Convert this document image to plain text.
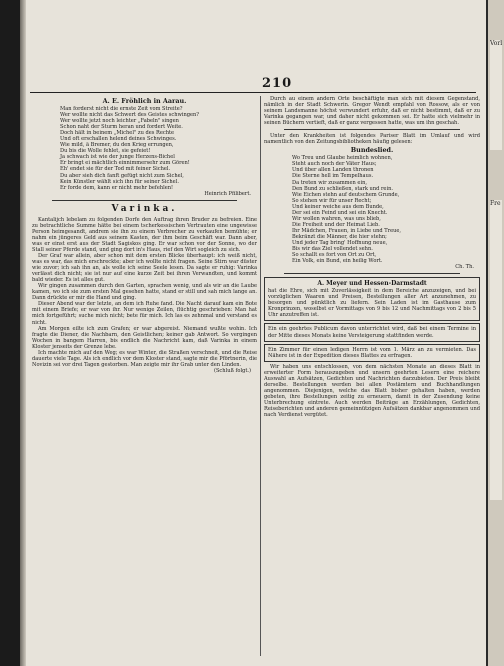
210
A. E. Fröhlich in Aarau.
Man forderst nicht die ernste Zeit vom Streite?
Wer wollte nicht das Schwert des Geistes schwingen?
Wer wollte jetzt noch leichter „Fabeln" singen
Schon naht der Sturm heran und fordert Weite.
Doch hält in beinem „Michel" zu des Rechte
Und oft erschallen helend deines Schwinges.
Wie mild, ä Bremer, du den Krieg errungen,
Du bis die Wolle fehlet, sie gefeiet!
Ja schwach ist wie der junge Herzens-Bichel
Er bringt ei mächtlich einnimmersehr zum Gören!
Eh' endet sie für der Tod mit feiner Sichel.
Du aber sieh dich fanft gefügt nicht zum Sichel,
Kein Künstler wählt sich ihn für seiner Sichel.
Er forde dem, kann er nicht mehr befehlen!
Heinrich Pfilibert.
Varinka.

Kantalijch lebelam zu folgenden Dorfe den Auftrag ihren Bruder zu befreien. Eine zu betrachtliche Summe hätte bei einem tscherkessischen Vertrauten eine ungewisse Person heimgesandt, andrem sie ihn zu einem Verbrecher zu verkaufen bemühte; er nahm ein jüngeres Geld aus seinem Kasten, der ihm beim Geschäft war. Dann aber, was er einst erst aus der Stadt Sagiskos ging. Er war schon vor der Sonne, wo der Stall seiner Pferde stand, und ging dort in's Haus, rief den Wirt sogleich zu sich.

Der Graf war allein, aber schon mit dem ersten Blicke überhaupt: ich weiß nicht, was es war, das mich erschreckte; aber ich wollte nicht fragen. Seine Stirn war düster wie zuvor; ich sah ihn an, als wolle ich seine Seele lesen. Da sagte er ruhig: Varinka verlässt dich nicht; sie ist nur auf eine kurze Zeit bei ihren Verwandten, und kommt bald wieder. Es ist alles gut.

Wir gingen zusammen durch den Garten, sprachen wenig, und als wir an die Laube kamen, wo ich sie zum ersten Mal gesehen hatte, stand er still und sah mich lange an. Dann drückte er mir die Hand und ging.

Dieser Abend war der letzte, an dem ich Ruhe fand. Die Nacht darauf kam ein Bote mit einem Briefe; er war von ihr. Nur wenige Zeilen, flüchtig geschrieben: Man hat mich fortgeführt; suche mich nicht; bete für mich. Ich las es zehnmal und verstand es nicht.

Am Morgen eilte ich zum Grafen; er war abgereist. Niemand wußte wohin. Ich fragte die Diener, die Nachbarn, den Geistlichen; keiner gab Antwort. So vergingen Wochen in bangem Harren, bis endlich die Nachricht kam, daß Varinka in einem Kloster jenseits der Grenze lebe.

Ich machte mich auf den Weg; es war Winter, die Straßen verschneit, und die Reise dauerte viele Tage. Als ich endlich vor dem Kloster stand, sagte mir die Pförtnerin, die Novizin sei vor drei Tagen gestorben. Man zeigte mir ihr Grab unter den Linden.

(Schluß folgt.)

Durch au einem andern Orte beschäftigte man sich mit diesem Gegenstand, nämlich in der Stadt Schwerin. Gregor Wendt empfahl von Rossow, als er von seinem Landsmanne höchst verwundert erfuhr, daß er nicht bestimmt, daß er zu Varinka gegangen war, und daher nicht gekommen sei. Er hatte sich vielmehr in seinen Büchern vertieft, daß er ganz vergessen hatte, was um ihn geschah.

Unter den Krankheiten ist folgendes Pariser Blatt im Umlauf und wird namentlich von den Zeitungsbibliotheken häufig gelesen:

Bundeslied.
Wo Treu und Glaube heimlich wohnen,
Steht auch noch der Väter Haus;
Und über allen Landen thronen
Die Sterne hell im Tempelhaus.
Da treten wir zusammen ein,
Den Bund zu schließen, stark und rein.
Wie Eichen stehn auf deutschem Grunde,
So stehen wir für unser Recht;
Und keiner weiche aus dem Bunde,
Der sei ein Feind und sei ein Knecht.
Wir wollen wahren, was uns blieb,
Die Freiheit und der Heimat Lieb.
Ihr Mädchen, Frauen, in Liebe und Treue,
Bekränzt die Männer, die hier stehn;
Und jeder Tag bring' Hoffnung neue,
Bis wir das Ziel vollendet sehn.
So schallt es fort von Ort zu Ort,
Ein Volk, ein Bund, ein heilig Wort.
Ch. Th.
A. Meyer und Hessen-Darmstadt

hat die Ehre, sich mit Zuverlässigkeit in dem Bereiche anzuzeigen, und bei vorzüglichen Waaren und Preisen, Bestellungen aller Art anzunehmen, zu besorgen und pünktlich zu liefern. Sein Laden ist im Gasthause zum Kronprinzen, woselbst er Vormittags von 9 bis 12 und Nachmittags von 2 bis 5 Uhr anzutreffen ist.

Ein ein geehrtes Publicum davon unterrichtet wird, daß bei einem Termine in der Mitte dieses Monats keine Versteigerung stattfinden werde.

Ein Zimmer für einen ledigen Herrn ist vom 1. März an zu vermieten. Das Nähere ist in der Expedition dieses Blattes zu erfragen.

Wir haben uns entschlossen, von dem nächsten Monate an dieses Blatt in erweiterter Form herauszugeben und unsern geehrten Lesern eine reichere Auswahl an Aufsätzen, Gedichten und Nachrichten darzubieten. Der Preis bleibt derselbe. Bestellungen werden bei allen Postämtern und Buchhandlungen angenommen. Diejenigen, welche das Blatt bisher gehalten haben, werden gebeten, ihre Bestellungen zeitig zu erneuern, damit in der Zusendung keine Unterbrechung eintrete. Auch werden Beiträge an Erzählungen, Gedichten, Reiseberichten und anderen gemeinnützigen Aufsätzen dankbar angenommen und nach Verdienst vergütet.

Vorl
Fre
